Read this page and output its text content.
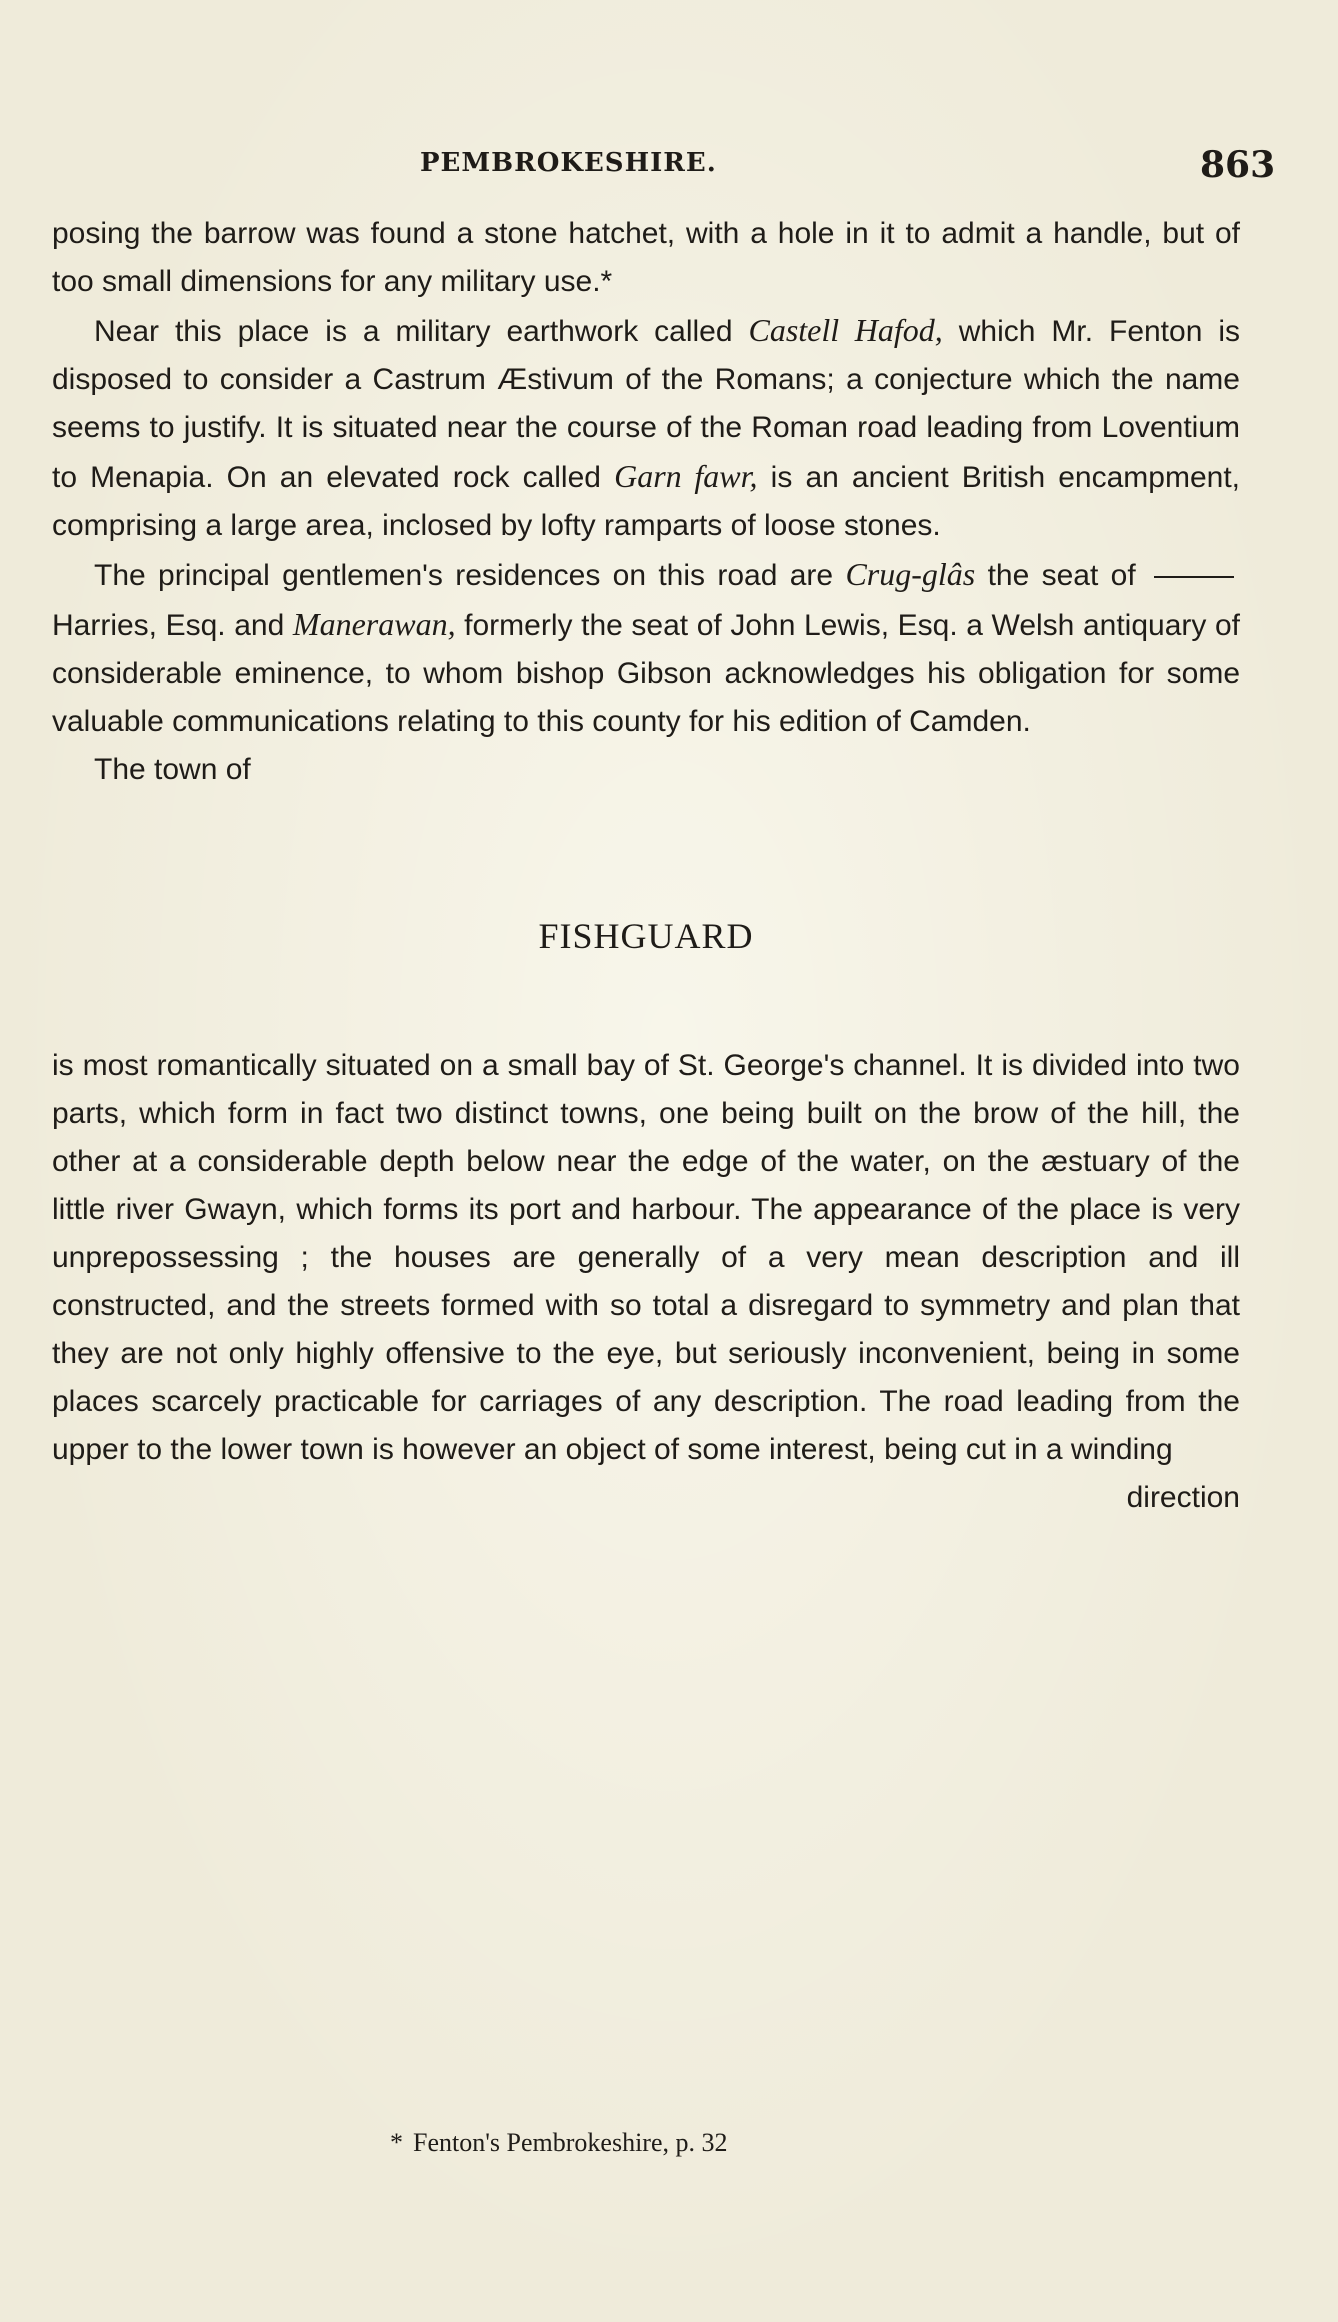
PEMBROKESHIRE.	863

posing the barrow was found a stone hatchet, with a hole in it to admit a handle, but of too small dimensions for any military use.*

Near this place is a military earthwork called Castell Hafod, which Mr. Fenton is disposed to consider a Castrum Æstivum of the Romans; a conjecture which the name seems to justify. It is situated near the course of the Roman road leading from Loventium to Menapia. On an elevated rock called Garn fawr, is an ancient British encampment, comprising a large area, inclosed by lofty ramparts of loose stones.

The principal gentlemen's residences on this road are Crug-glâs the seat of  Harries, Esq. and Manerawan, formerly the seat of John Lewis, Esq. a Welsh antiquary of considerable eminence, to whom bishop Gibson acknowledges his obligation for some valuable communications relating to this county for his edition of Camden.

The town of

FISHGUARD

is most romantically situated on a small bay of St. George's channel. It is divided into two parts, which form in fact two distinct towns, one being built on the brow of the hill, the other at a considerable depth below near the edge of the water, on the æstuary of the little river Gwayn, which forms its port and harbour. The appearance of the place is very unprepossessing ; the houses are generally of a very mean description and ill constructed, and the streets formed with so total a disregard to symmetry and plan that they are not only highly offensive to the eye, but seriously inconvenient, being in some places scarcely practicable for carriages of any description. The road leading from the upper to the lower town is however an object of some interest, being cut in a winding

direction

* Fenton's Pembrokeshire, p. 32
